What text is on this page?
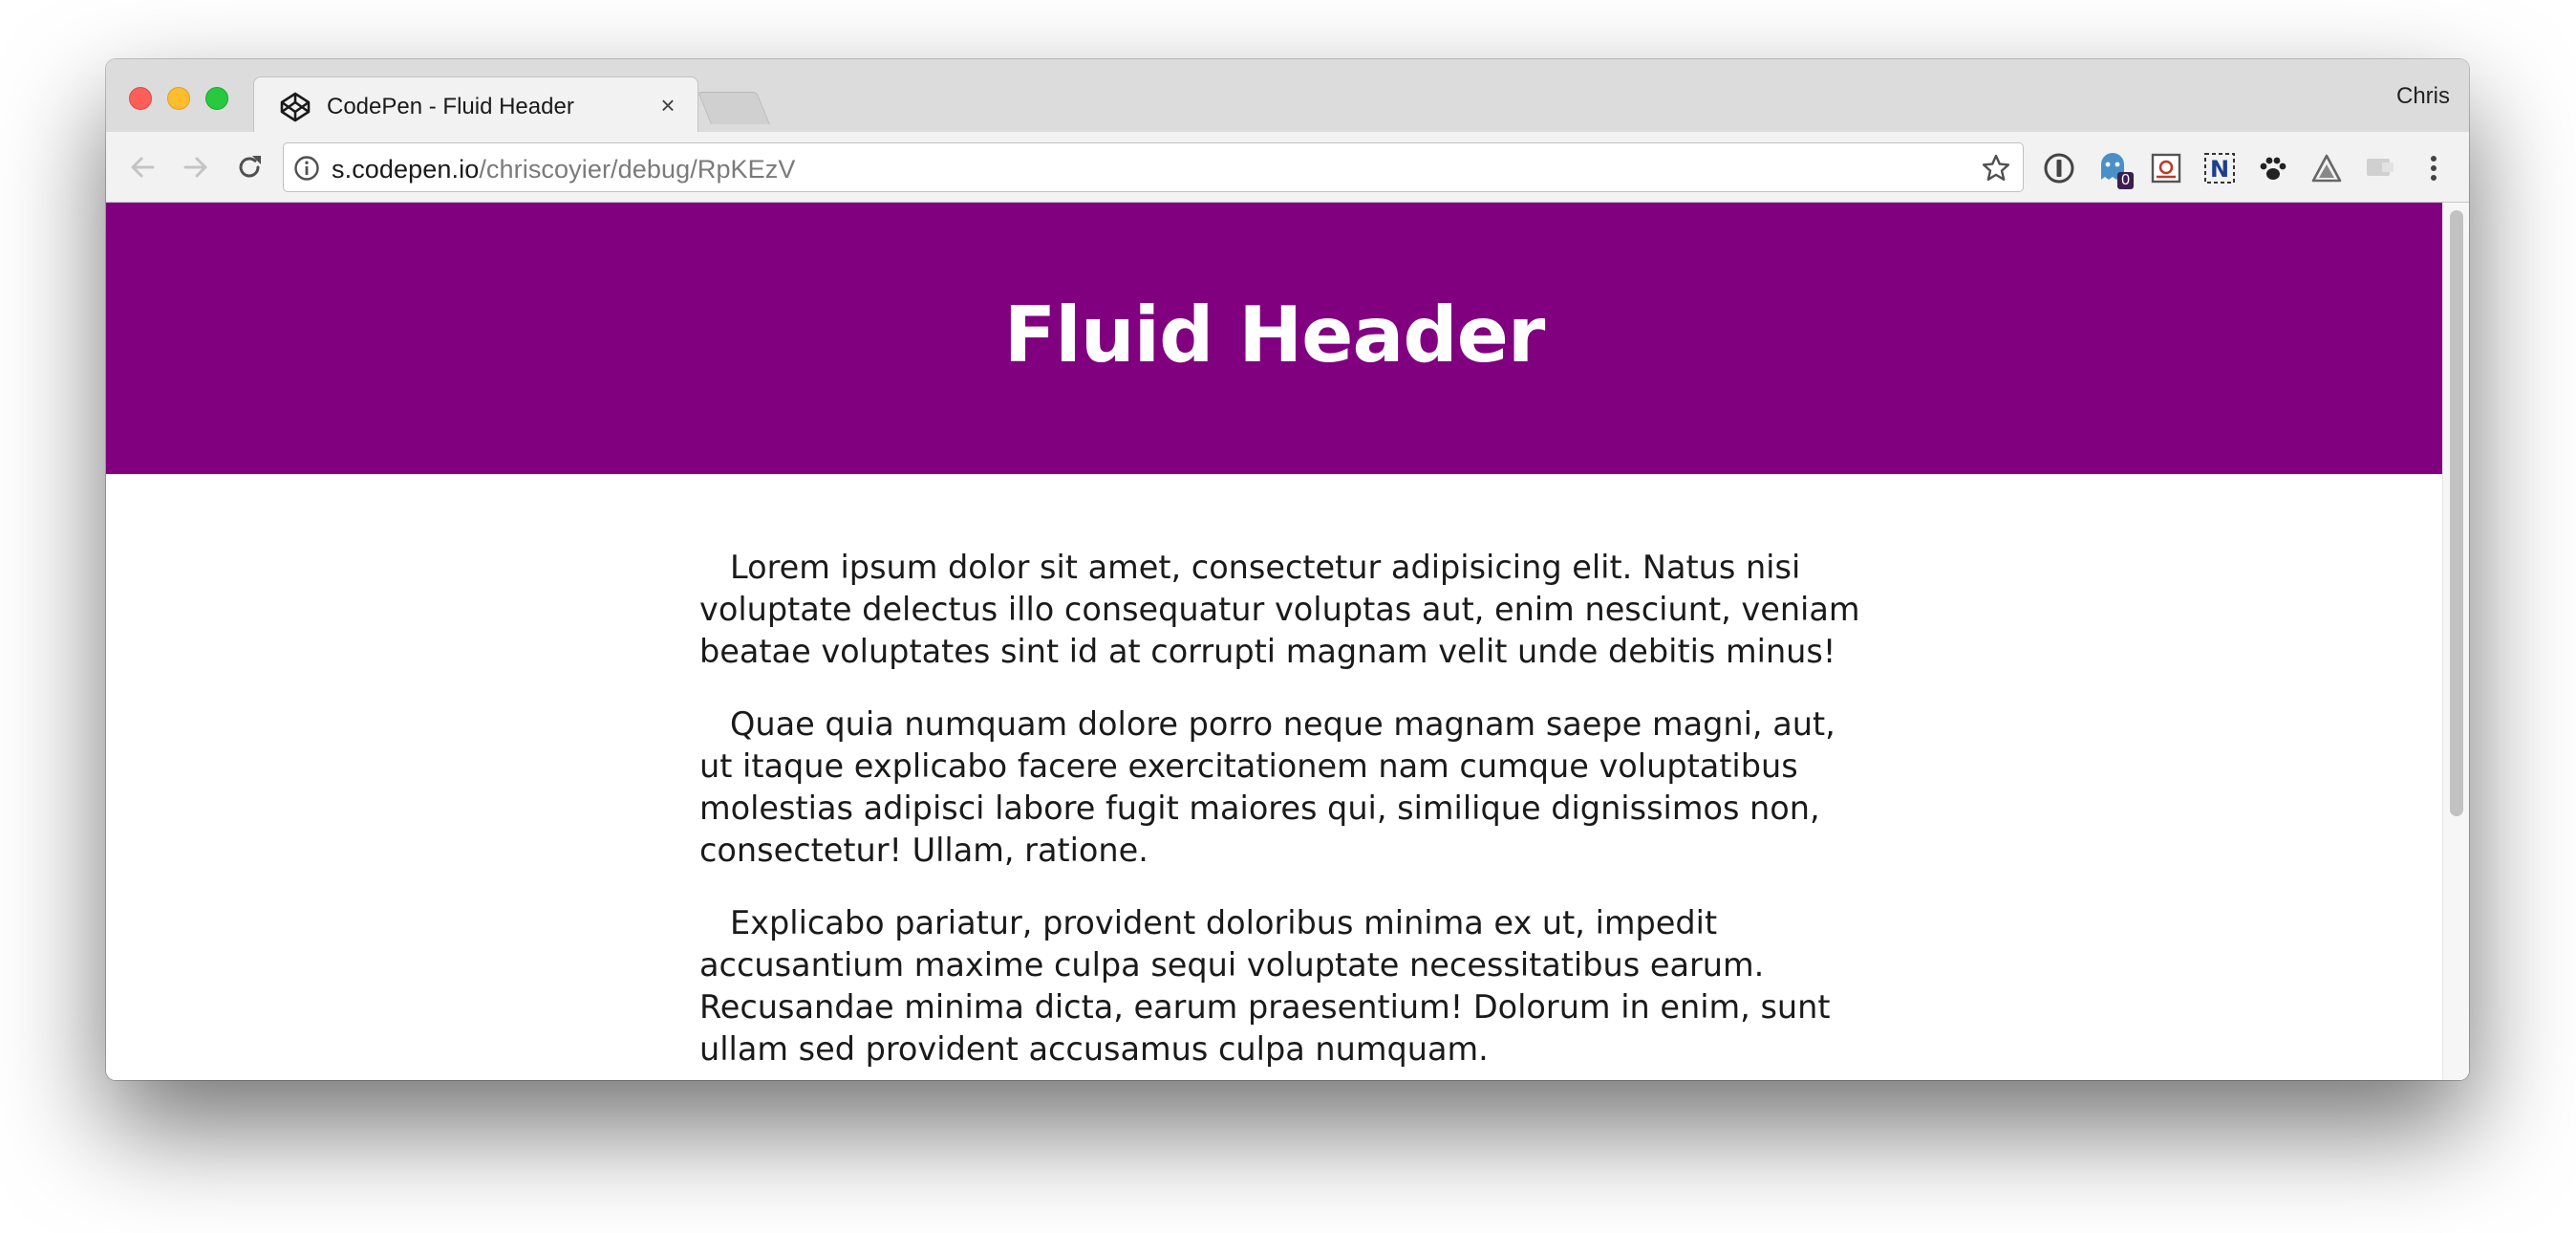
CodePen - Fluid Header	×	Chris
s.codepen.io/chriscoyier/debug/RpKEzV	0	N
Fluid Header

Lorem ipsum dolor sit amet, consectetur adipisicing elit. Natus nisi voluptate delectus illo consequatur voluptas aut, enim nesciunt, veniam beatae voluptates sint id at corrupti magnam velit unde debitis minus!

Quae quia numquam dolore porro neque magnam saepe magni, aut, ut itaque explicabo facere exercitationem nam cumque voluptatibus molestias adipisci labore fugit maiores qui, similique dignissimos non, consectetur! Ullam, ratione.

Explicabo pariatur, provident doloribus minima ex ut, impedit accusantium maxime culpa sequi voluptate necessitatibus earum. Recusandae minima dicta, earum praesentium! Dolorum in enim, sunt ullam sed provident accusamus culpa numquam.
